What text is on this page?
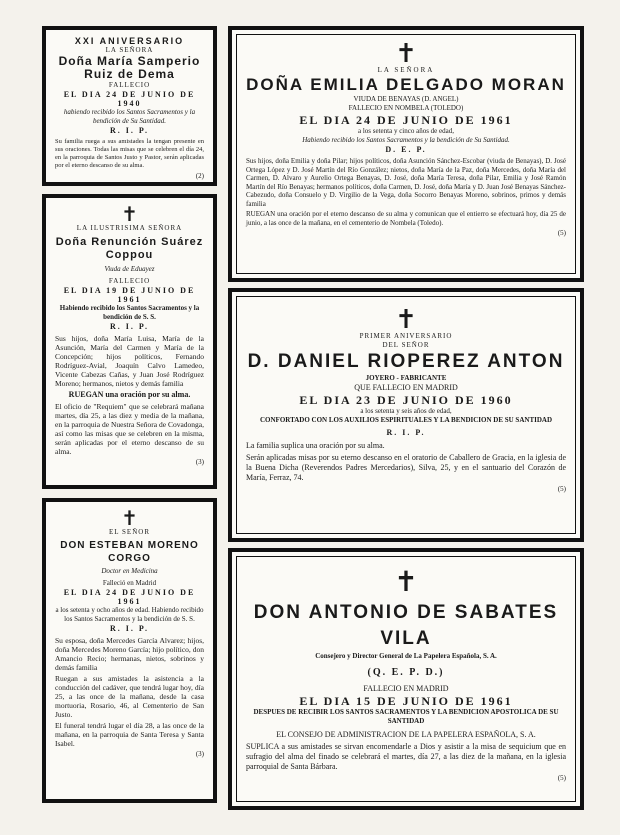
XXI ANIVERSARIO
LA SEÑORA
Doña María Samperio Ruiz de Dema
FALLECIO
EL DIA 24 DE JUNIO DE 1940
habiendo recibido los Santos Sacramentos y la bendición de Su Santidad.
R. I. P.
Su familia ruega a sus amistades la tengan presente en sus oraciones. Todas las misas que se celebren el día 24, en la parroquia de Santos Justo y Pastor, serán aplicadas por el eterno descanso de su alma.
(2)
✝
LA ILUSTRISIMA SEÑORA
Doña Renunción Suárez Coppou
Viuda de Eduayez
FALLECIO
EL DIA 19 DE JUNIO DE 1961
Habiendo recibido los Santos Sacramentos y la bendición de S. S.
R. I. P.
Sus hijos, doña María Luisa, María de la Asunción, María del Carmen y María de la Concepción; hijos políticos, Fernando Rodríguez-Avial, Joaquín Calvo Lamedeo, Vicente Cabezas Cañas, y Juan José Rodríguez Moreno; hermanos, nietos y demás familia
RUEGAN una oración por su alma.
El oficio de "Requiem" que se celebrará mañana martes, día 25, a las diez y media de la mañana, en la parroquia de Nuestra Señora de Covadonga, así como las misas que se celebren en la misma, serán aplicadas por el eterno descanso de su alma.
(3)
✝
EL SEÑOR
DON ESTEBAN MORENO CORGO
Doctor en Medicina
Falleció en Madrid
EL DIA 24 DE JUNIO DE 1961
a los setenta y ocho años de edad. Habiendo recibido los Santos Sacramentos y la bendición de S. S.
R. I. P.
Su esposa, doña Mercedes García Alvarez; hijos, doña Mercedes Moreno García; hijo político, don Amancio Recio; hermanas, nietos, sobrinos y demás familia
Ruegan a sus amistades la asistencia a la conducción del cadáver, que tendrá lugar hoy, día 25, a las once de la mañana, desde la casa mortuoria, Rosario, 46, al Cementerio de San Justo.
El funeral tendrá lugar el día 28, a las once de la mañana, en la parroquia de Santa Teresa y Santa Isabel.
(3)
✝
LA SEÑORA
DOÑA EMILIA DELGADO MORAN
VIUDA DE BENAYAS (D. ANGEL)
FALLECIO EN NOMBELA (TOLEDO)
EL DIA 24 DE JUNIO DE 1961
a los setenta y cinco años de edad,
Habiendo recibido los Santos Sacramentos y la bendición de Su Santidad.
D. E. P.
Sus hijos, doña Emilia y doña Pilar; hijos políticos, doña Asunción Sánchez-Escobar (viuda de Benayas), D. José Ortega López y D. José Martín del Río González; nietos, doña María de la Paz, doña Mercedes, doña María del Carmen, D. Alvaro y Aurelio Ortega Benayas, D. José, doña María Teresa, doña Pilar, Emilia y José Ramón Martín del Río Benayas; hermanos políticos, doña Carmen, D. José, doña María y D. Juan José Benayas Sánchez-Cabezudo, doña Consuelo y D. Virgilio de la Vega, doña Socorro Benayas Moreno, sobrinos, primos y demás familia
RUEGAN una oración por el eterno descanso de su alma y comunican que el entierro se efectuará hoy, día 25 de junio, a las once de la mañana, en el cementerio de Nombela (Toledo).
(5)
✝
PRIMER ANIVERSARIO
DEL SEÑOR
D. DANIEL RIOPEREZ ANTON
JOYERO - FABRICANTE
QUE FALLECIO EN MADRID
EL DIA 23 DE JUNIO DE 1960
a los setenta y seis años de edad,
CONFORTADO CON LOS AUXILIOS ESPIRITUALES Y LA BENDICION DE SU SANTIDAD
R. I. P.
La familia suplica una oración por su alma.
Serán aplicadas misas por su eterno descanso en el oratorio de Caballero de Gracia, en la iglesia de la Buena Dicha (Reverendos Padres Mercedarios), Silva, 25, y en el santuario del Corazón de María, Ferraz, 74.
(5)
✝
DON ANTONIO DE SABATES VILA
Consejero y Director General de La Papelera Española, S. A.
(Q. E. P. D.)
FALLECIO EN MADRID
EL DIA 15 DE JUNIO DE 1961
DESPUES DE RECIBIR LOS SANTOS SACRAMENTOS Y LA BENDICION APOSTOLICA DE SU SANTIDAD
EL CONSEJO DE ADMINISTRACION DE LA PAPELERA ESPAÑOLA, S. A.
SUPLICA a sus amistades se sirvan encomendarle a Dios y asistir a la misa de sequicium que en sufragio del alma del finado se celebrará el martes, día 27, a las diez de la mañana, en la iglesia parroquial de Santa Bárbara.
(5)
